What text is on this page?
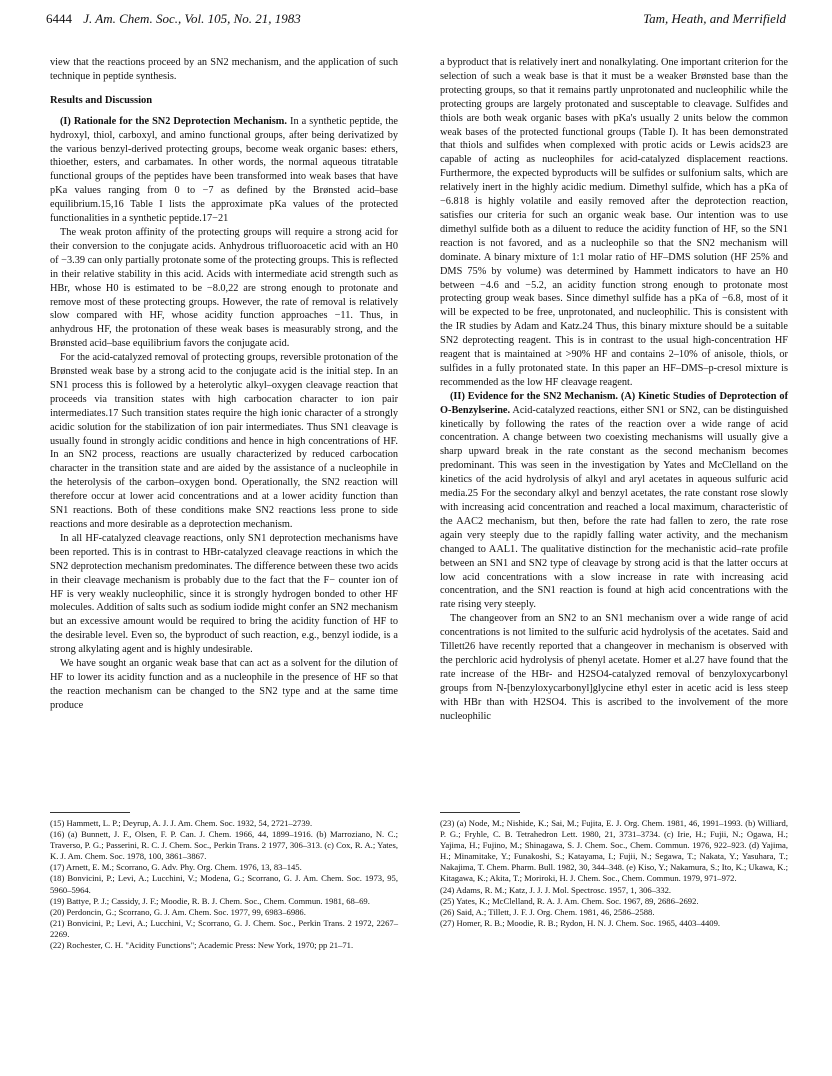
6444 J. Am. Chem. Soc., Vol. 105, No. 21, 1983	Tam, Heath, and Merrifield

view that the reactions proceed by an SN2 mechanism, and the application of such technique in peptide synthesis.

Results and Discussion

(I) Rationale for the SN2 Deprotection Mechanism. In a synthetic peptide, the hydroxyl, thiol, carboxyl, and amino functional groups, after being derivatized by the various benzyl-derived protecting groups, become weak organic bases: ethers, thioether, esters, and carbamates. In other words, the normal aqueous titratable functional groups of the peptides have been transformed into weak bases that have pKa values ranging from 0 to −7 as defined by the Brønsted acid–base equilibrium.15,16 Table I lists the approximate pKa values of the protected functionalities in a synthetic peptide.17−21

The weak proton affinity of the protecting groups will require a strong acid for their conversion to the conjugate acids. Anhydrous trifluoroacetic acid with an H0 of −3.39 can only partially protonate some of the protecting groups. This is reflected in their relative stability in this acid. Acids with intermediate acid strength such as HBr, whose H0 is estimated to be −8.0,22 are strong enough to protonate and remove most of these protecting groups. However, the rate of removal is relatively slow compared with HF, whose acidity function approaches −11. Thus, in anhydrous HF, the protonation of these weak bases is measurably strong, and the Brønsted acid–base equilibrium favors the conjugate acid.

For the acid-catalyzed removal of protecting groups, reversible protonation of the Brønsted weak base by a strong acid to the conjugate acid is the initial step. In an SN1 process this is followed by a heterolytic alkyl–oxygen cleavage reaction that proceeds via transition states with high carbocation character to ion pair intermediates.17 Such transition states require the high ionic character of a strongly acidic solution for the stabilization of ion pair intermediates. Thus SN1 cleavage is usually found in strongly acidic conditions and hence in high concentrations of HF. In an SN2 process, reactions are usually characterized by reduced carbocation character in the transition state and are aided by the assistance of a nucleophile in the heterolysis of the carbon–oxygen bond. Operationally, the SN2 reaction will therefore occur at lower acid concentrations and at a lower acidity function than SN1 reactions. Both of these conditions make SN2 reactions less prone to side reactions and more desirable as a deprotection mechanism.

In all HF-catalyzed cleavage reactions, only SN1 deprotection mechanisms have been reported. This is in contrast to HBr-catalyzed cleavage reactions in which the SN2 deprotection mechanism predominates. The difference between these two acids in their cleavage mechanism is probably due to the fact that the F− counter ion of HF is very weakly nucleophilic, since it is strongly hydrogen bonded to other HF molecules. Addition of salts such as sodium iodide might confer an SN2 mechanism but an excessive amount would be required to bring the acidity function of HF to the desirable level. Even so, the byproduct of such reaction, e.g., benzyl iodide, is a strong alkylating agent and is highly undesirable.

We have sought an organic weak base that can act as a solvent for the dilution of HF to lower its acidity function and as a nucleophile in the presence of HF so that the reaction mechanism can be changed to the SN2 type and at the same time produce

a byproduct that is relatively inert and nonalkylating. One important criterion for the selection of such a weak base is that it must be a weaker Brønsted base than the protecting groups, so that it remains partly unprotonated and nucleophilic while the protecting groups are largely protonated and susceptable to cleavage. Sulfides and thiols are both weak organic bases with pKa's usually 2 units below the common weak bases of the protected functional groups (Table I). It has been demonstrated that thiols and sulfides when complexed with protic acids or Lewis acids23 are capable of acting as nucleophiles for acid-catalyzed displacement reactions. Furthermore, the expected byproducts will be sulfides or sulfonium salts, which are relatively inert in the highly acidic medium. Dimethyl sulfide, which has a pKa of −6.818 is highly volatile and easily removed after the deprotection reaction, satisfies our criteria for such an organic weak base. Our intention was to use dimethyl sulfide both as a diluent to reduce the acidity function of HF, so the SN1 reaction is not favored, and as a nucleophile so that the SN2 mechanism will dominate. A binary mixture of 1:1 molar ratio of HF–DMS solution (HF 25% and DMS 75% by volume) was determined by Hammett indicators to have an H0 between −4.6 and −5.2, an acidity function strong enough to protonate most protecting group weak bases. Since dimethyl sulfide has a pKa of −6.8, most of it will be expected to be free, unprotonated, and nucleophilic. This is consistent with the IR studies by Adam and Katz.24 Thus, this binary mixture should be a suitable SN2 deprotecting reagent. This is in contrast to the usual high-concentration HF reagent that is maintained at >90% HF and contains 2–10% of anisole, thiols, or sulfides in a fully protonated state. In this paper an HF–DMS–p-cresol mixture is recommended as the low HF cleavage reagent.

(II) Evidence for the SN2 Mechanism. (A) Kinetic Studies of Deprotection of O-Benzylserine. Acid-catalyzed reactions, either SN1 or SN2, can be distinguished kinetically by following the rates of the reaction over a wide range of acid concentration. A change between two coexisting mechanisms will usually give a sharp upward break in the rate constant as the second mechanism becomes predominant. This was seen in the investigation by Yates and McClelland on the kinetics of the acid hydrolysis of alkyl and aryl acetates in aqueous sulfuric acid media.25 For the secondary alkyl and benzyl acetates, the rate constant rose slowly with increasing acid concentration and reached a local maximum, characteristic of the AAC2 mechanism, but then, before the rate had fallen to zero, the rate rose again very steeply due to the rapidly falling water activity, and the mechanism changed to AAL1. The qualitative distinction for the mechanistic acid–rate profile between an SN1 and SN2 type of cleavage by strong acid is that the latter occurs at low acid concentrations with a slow increase in rate with increasing acid concentration, and the SN1 reaction is found at high acid concentrations with the rate rising very steeply.

The changeover from an SN2 to an SN1 mechanism over a wide range of acid concentrations is not limited to the sulfuric acid hydrolysis of the acetates. Said and Tillett26 have recently reported that a changeover in mechanism is observed with the perchloric acid hydrolysis of phenyl acetate. Homer et al.27 have found that the rate increase of the HBr- and H2SO4-catalyzed removal of benzyloxycarbonyl groups from N-[benzyloxycarbonyl]glycine ethyl ester in acetic acid is less steep with HBr than with H2SO4. This is ascribed to the involvement of the more nucleophilic

(15) Hammett, L. P.; Deyrup, A. J. J. Am. Chem. Soc. 1932, 54, 2721–2739.
(16) (a) Bunnett, J. F., Olsen, F. P. Can. J. Chem. 1966, 44, 1899–1916. (b) Marroziano, N. C.; Traverso, P. G.; Passerini, R. C. J. Chem. Soc., Perkin Trans. 2 1977, 306–313. (c) Cox, R. A.; Yates, K. J. Am. Chem. Soc. 1978, 100, 3861–3867.
(17) Arnett, E. M.; Scorrano, G. Adv. Phy. Org. Chem. 1976, 13, 83–145.
(18) Bonvicini, P.; Levi, A.; Lucchini, V.; Modena, G.; Scorrano, G. J. Am. Chem. Soc. 1973, 95, 5960–5964.
(19) Battye, P. J.; Cassidy, J. F.; Moodie, R. B. J. Chem. Soc., Chem. Commun. 1981, 68–69.
(20) Perdoncin, G.; Scorrano, G. J. Am. Chem. Soc. 1977, 99, 6983–6986.
(21) Bonvicini, P.; Levi, A.; Lucchini, V.; Scorrano, G. J. Chem. Soc., Perkin Trans. 2 1972, 2267–2269.
(22) Rochester, C. H. "Acidity Functions"; Academic Press: New York, 1970; pp 21–71.
(23) (a) Node, M.; Nishide, K.; Sai, M.; Fujita, E. J. Org. Chem. 1981, 46, 1991–1993. (b) Williard, P. G.; Fryhle, C. B. Tetrahedron Lett. 1980, 21, 3731–3734. (c) Irie, H.; Fujii, N.; Ogawa, H.; Yajima, H.; Fujino, M.; Shinagawa, S. J. Chem. Soc., Chem. Commun. 1976, 922–923. (d) Yajima, H.; Minamitake, Y.; Funakoshi, S.; Katayama, I.; Fujii, N.; Segawa, T.; Nakata, Y.; Yasuhara, T.; Nakajima, T. Chem. Pharm. Bull. 1982, 30, 344–348. (e) Kiso, Y.; Nakamura, S.; Ito, K.; Ukawa, K.; Kitagawa, K.; Akita, T.; Moriroki, H. J. Chem. Soc., Chem. Commun. 1979, 971–972.
(24) Adams, R. M.; Katz, J. J. J. Mol. Spectrosc. 1957, 1, 306–332.
(25) Yates, K.; McClelland, R. A. J. Am. Chem. Soc. 1967, 89, 2686–2692.
(26) Said, A.; Tillett, J. F. J. Org. Chem. 1981, 46, 2586–2588.
(27) Homer, R. B.; Moodie, R. B.; Rydon, H. N. J. Chem. Soc. 1965, 4403–4409.
